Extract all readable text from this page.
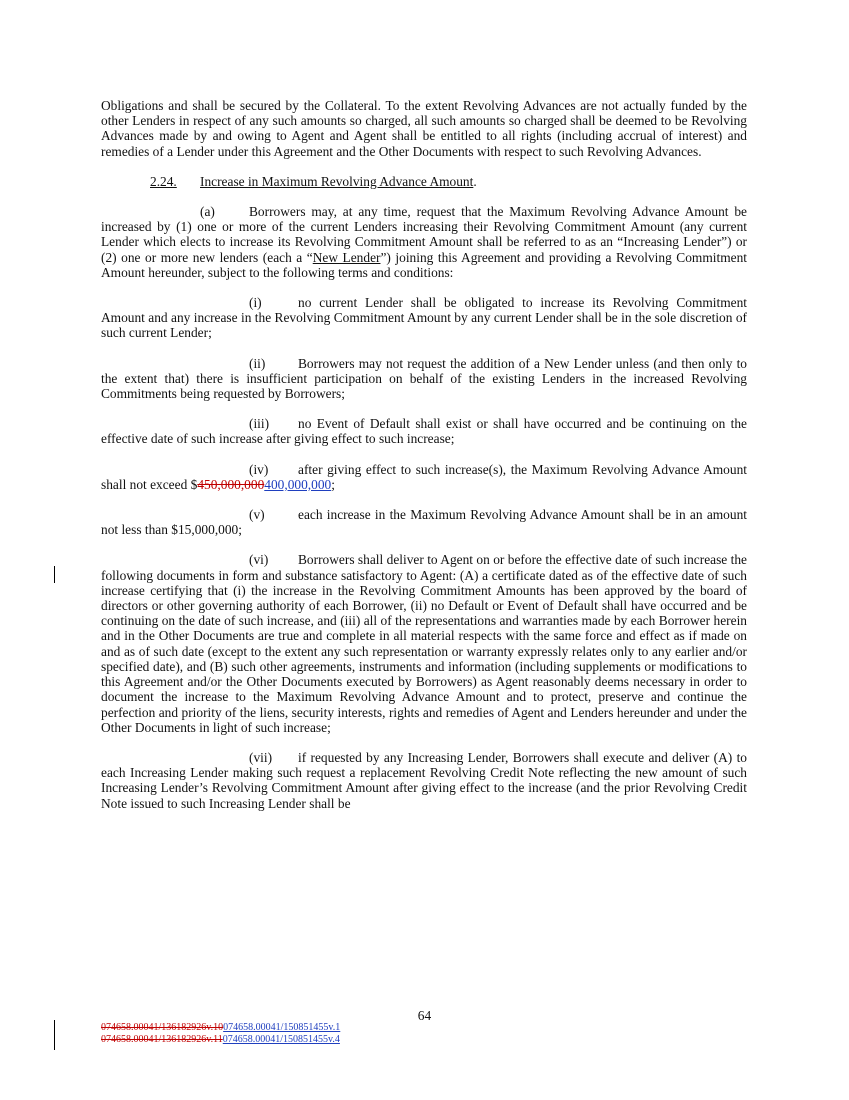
Obligations and shall be secured by the Collateral. To the extent Revolving Advances are not actually funded by the other Lenders in respect of any such amounts so charged, all such amounts so charged shall be deemed to be Revolving Advances made by and owing to Agent and Agent shall be entitled to all rights (including accrual of interest) and remedies of a Lender under this Agreement and the Other Documents with respect to such Revolving Advances.

2.24. Increase in Maximum Revolving Advance Amount.

(a)	Borrowers may, at any time, request that the Maximum Revolving Advance Amount be increased by (1) one or more of the current Lenders increasing their Revolving Commitment Amount (any current Lender which elects to increase its Revolving Commitment Amount shall be referred to as an “Increasing Lender”) or (2) one or more new lenders (each a “New Lender”) joining this Agreement and providing a Revolving Commitment Amount hereunder, subject to the following terms and conditions:

(i)	no current Lender shall be obligated to increase its Revolving Commitment Amount and any increase in the Revolving Commitment Amount by any current Lender shall be in the sole discretion of such current Lender;

(ii) Borrowers may not request the addition of a New Lender unless (and then only to the extent that) there is insufficient participation on behalf of the existing Lenders in the increased Revolving Commitments being requested by Borrowers;

(iii) no Event of Default shall exist or shall have occurred and be continuing on the effective date of such increase after giving effect to such increase;

(iv) after giving effect to such increase(s), the Maximum Revolving Advance Amount shall not exceed $450,000,000400,000,000;

(v) each increase in the Maximum Revolving Advance Amount shall be in an amount not less than $15,000,000;

(vi) Borrowers shall deliver to Agent on or before the effective date of such increase the following documents in form and substance satisfactory to Agent: (A) a certificate dated as of the effective date of such increase certifying that (i) the increase in the Revolving Commitment Amounts has been approved by the board of directors or other governing authority of each Borrower, (ii) no Default or Event of Default shall have occurred and be continuing on the date of such increase, and (iii) all of the representations and warranties made by each Borrower herein and in the Other Documents are true and complete in all material respects with the same force and effect as if made on and as of such date (except to the extent any such representation or warranty expressly relates only to any earlier and/or specified date), and (B) such other agreements, instruments and information (including supplements or modifications to this Agreement and/or the Other Documents executed by Borrowers) as Agent reasonably deems necessary in order to document the increase to the Maximum Revolving Advance Amount and to protect, preserve and continue the perfection and priority of the liens, security interests, rights and remedies of Agent and Lenders hereunder and under the Other Documents in light of such increase;

(vii) if requested by any Increasing Lender, Borrowers shall execute and deliver (A) to each Increasing Lender making such request a replacement Revolving Credit Note reflecting the new amount of such Increasing Lender’s Revolving Commitment Amount after giving effect to the increase (and the prior Revolving Credit Note issued to such Increasing Lender shall be

64
074658.00041/136182926v.10074658.00041/150851455v.1
074658.00041/136182926v.11074658.00041/150851455v.4
